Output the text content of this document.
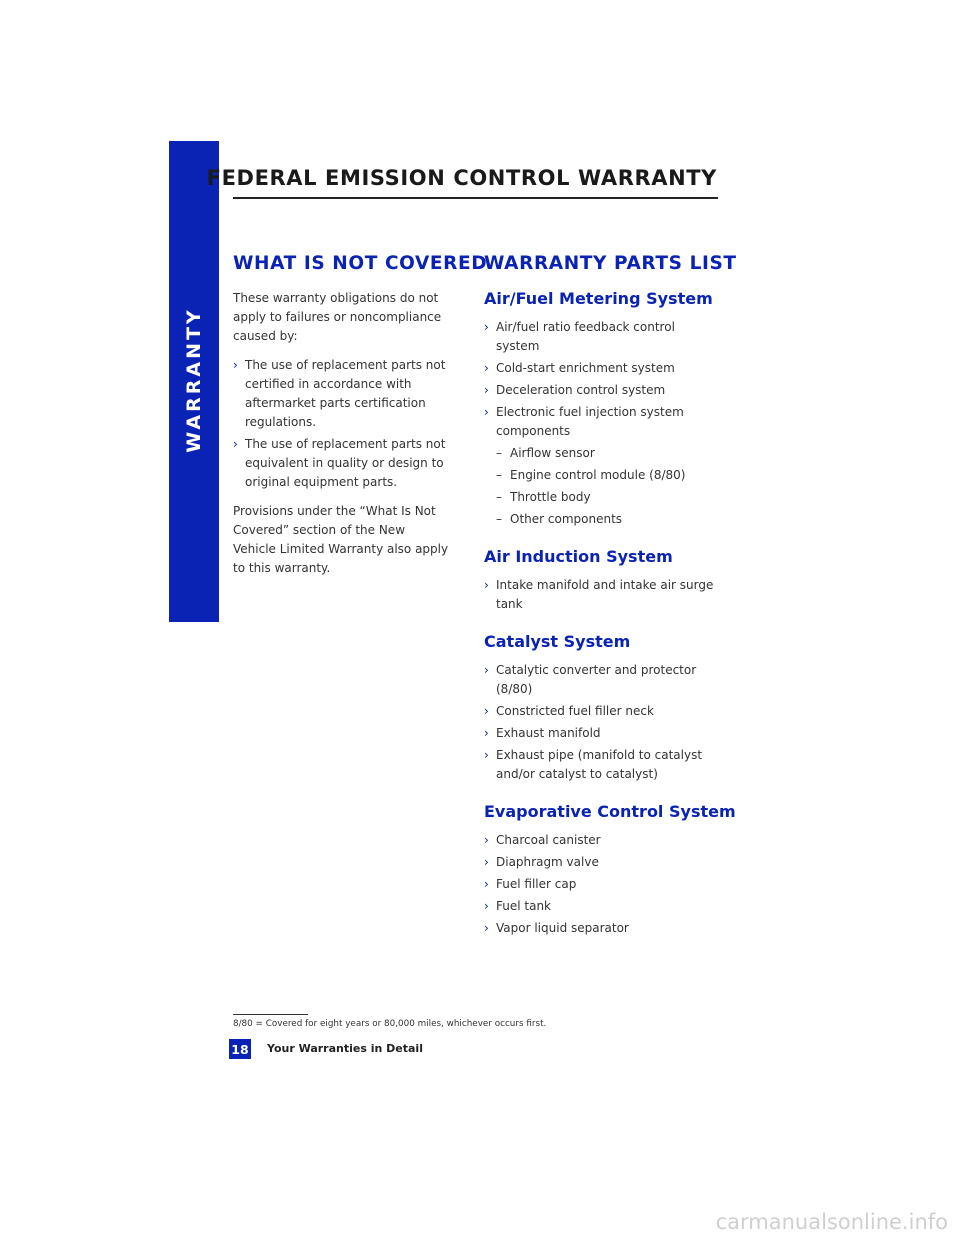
WARRANTY
FEDERAL EMISSION CONTROL WARRANTY
WHAT IS NOT COVERED

These warranty obligations do not apply to failures or noncompliance caused by:

› The use of replacement parts not certified in accordance with aftermarket parts certification regulations.
› The use of replacement parts not equivalent in quality or design to original equipment parts.

Provisions under the “What Is Not Covered” section of the New Vehicle Limited Warranty also apply to this warranty.

WARRANTY PARTS LIST
Air/Fuel Metering System
› Air/fuel ratio feedback control system
› Cold-start enrichment system
› Deceleration control system
› Electronic fuel injection system components
– Airflow sensor
– Engine control module (8/80)
– Throttle body
– Other components
Air Induction System
› Intake manifold and intake air surge tank
Catalyst System
› Catalytic converter and protector (8/80)
› Constricted fuel filler neck
› Exhaust manifold
› Exhaust pipe (manifold to catalyst and/or catalyst to catalyst)
Evaporative Control System
› Charcoal canister
› Diaphragm valve
› Fuel filler cap
› Fuel tank
› Vapor liquid separator
8/80 = Covered for eight years or 80,000 miles, whichever occurs first.
18 Your Warranties in Detail
carmanualsonline.info
